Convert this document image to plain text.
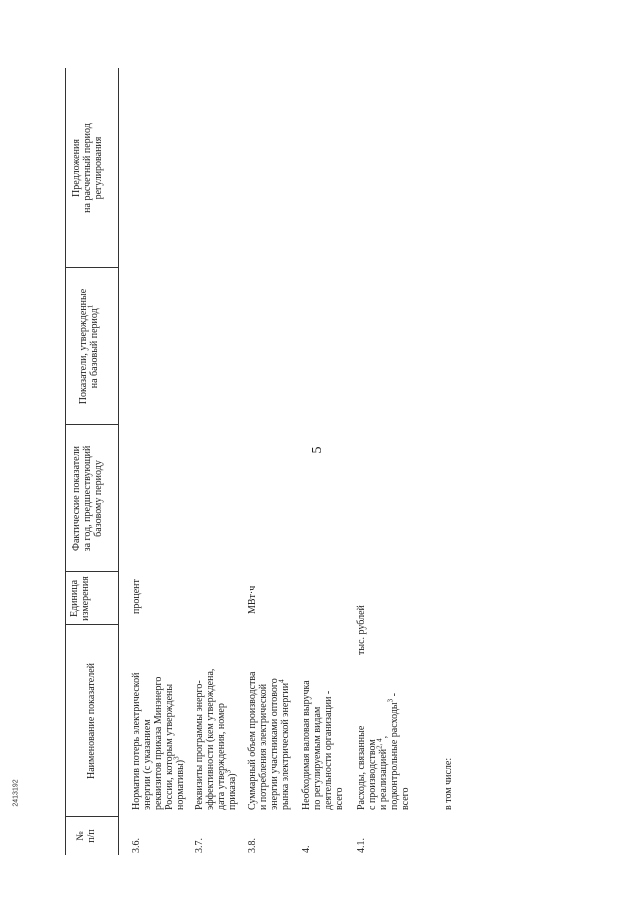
5
2413192
№ п/п
Наименование показателей
Единица измерения
Фактические показатели за год, предшествующий базовому периоду
Показатели, утвержденные на базовый период$^1$
Предложения на расчетный период регулирования
3.6.
Норматив потерь электрической энергии (с указанием реквизитов приказа Минэнерго России, которым утверждены нормативы)$^3$
процент
3.7.
Реквизиты программы энерго- эффективности (кем утверждена, дата утверждения, номер приказа)$^3$
3.8.
Суммарный объем производства и потребления электрической энергии участниками оптового рынка электрической энергии$^4$
МВт·ч
4.
Необходимая валовая выручка по регулируемым видам деятельности организации - всего
4.1.
Расходы, связанные с производством и реализацией$^{2, 4}$, подконтрольные расходы$^3$ -
всего
тыс. рублей
в том числе:
